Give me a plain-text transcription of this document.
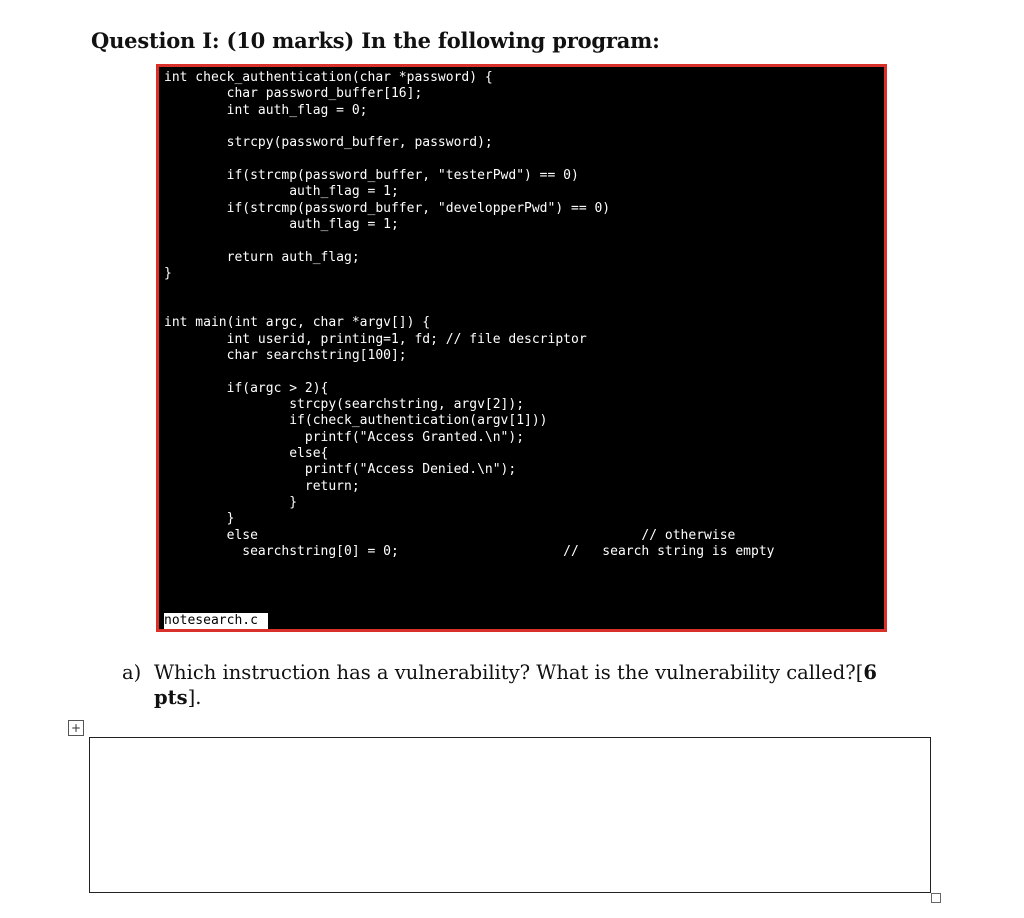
Question I: (10 marks) In the following program:
int check_authentication(char *password) {
char password_buffer[16];
int auth_flag = 0;
strcpy(password_buffer, password);
if(strcmp(password_buffer, "testerPwd") == 0)
auth_flag = 1;
if(strcmp(password_buffer, "developperPwd") == 0)
auth_flag = 1;
return auth_flag;
}
int main(int argc, char *argv[]) {
int userid, printing=1, fd; // file descriptor
char searchstring[100];
if(argc > 2){
strcpy(searchstring, argv[2]);
if(check_authentication(argv[1]))
printf("Access Granted.\n");
else{
printf("Access Denied.\n");
return;
}
}
else                                                 // otherwise
searchstring[0] = 0;                     //   search string is empty
notesearch.c
a) Which instruction has a vulnerability? What is the vulnerability called?[6 pts].
+
